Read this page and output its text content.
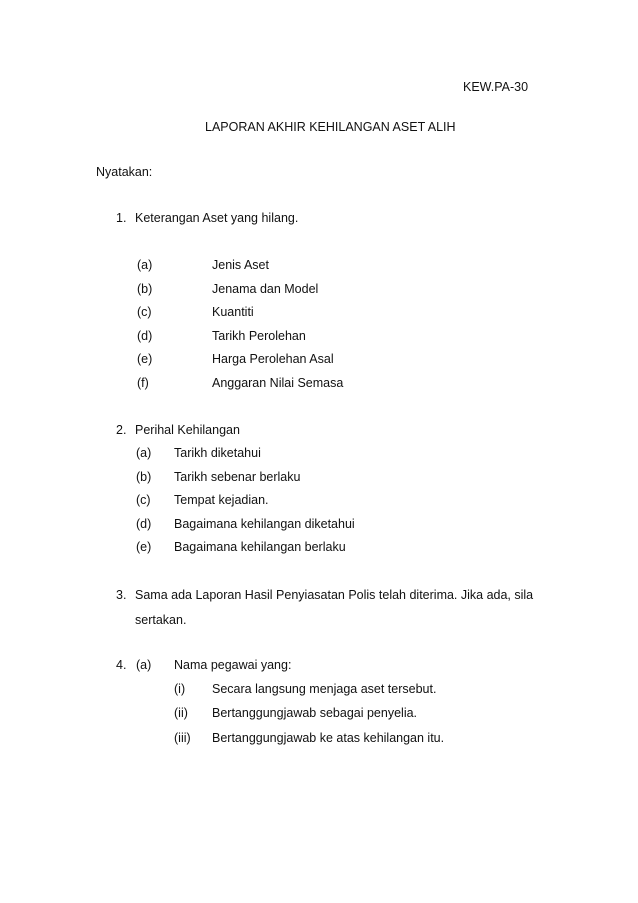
KEW.PA-30
LAPORAN AKHIR KEHILANGAN ASET ALIH
Nyatakan:
1. Keterangan Aset yang hilang.
(a)	Jenis Aset
(b)	Jenama dan Model
(c)	Kuantiti
(d)	Tarikh Perolehan
(e)	Harga Perolehan Asal
(f)	Anggaran Nilai Semasa
2. Perihal Kehilangan
(a) Tarikh diketahui
(b) Tarikh sebenar berlaku
(c) Tempat kejadian.
(d) Bagaimana kehilangan diketahui
(e) Bagaimana kehilangan berlaku
3. Sama ada Laporan Hasil Penyiasatan Polis telah diterima. Jika ada, sila
sertakan.
4. (a) Nama pegawai yang:
(i) Secara langsung menjaga aset tersebut.
(ii) Bertanggungjawab sebagai penyelia.
(iii) Bertanggungjawab ke atas kehilangan itu.
